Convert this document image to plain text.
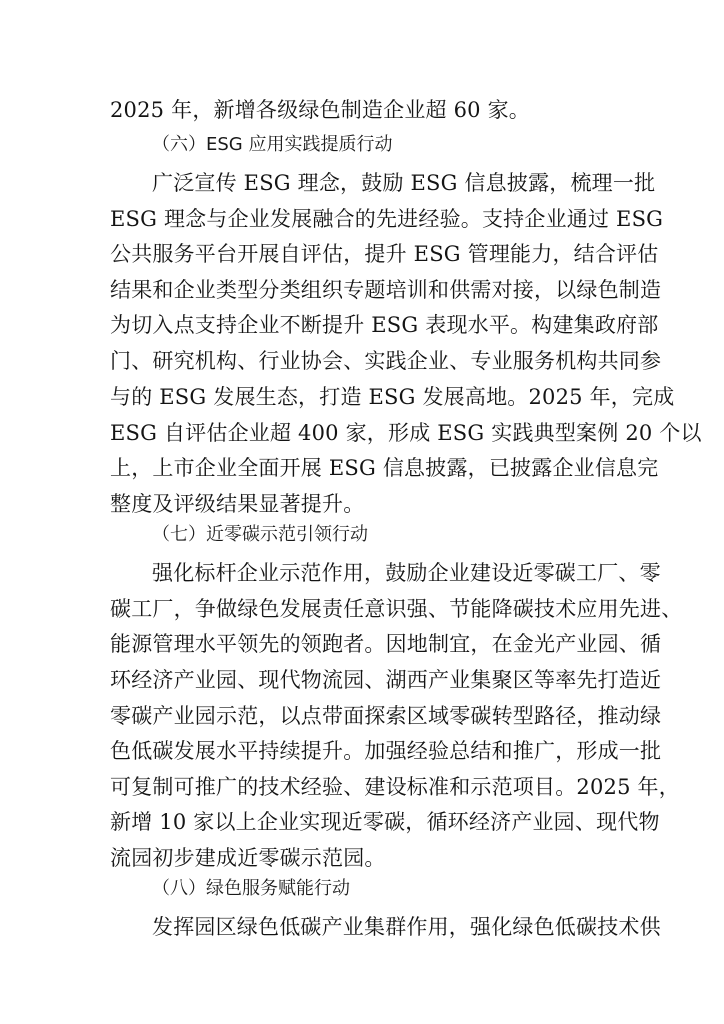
2025 年，新增各级绿色制造企业超 60 家。
（六）ESG 应用实践提质行动
广泛宣传 ESG 理念，鼓励 ESG 信息披露，梳理一批
ESG 理念与企业发展融合的先进经验。支持企业通过 ESG
公共服务平台开展自评估，提升 ESG 管理能力，结合评估
结果和企业类型分类组织专题培训和供需对接，以绿色制造
为切入点支持企业不断提升 ESG 表现水平。构建集政府部
门、研究机构、行业协会、实践企业、专业服务机构共同参
与的 ESG 发展生态，打造 ESG 发展高地。2025 年，完成
ESG 自评估企业超 400 家，形成 ESG 实践典型案例 20 个以
上，上市企业全面开展 ESG 信息披露，已披露企业信息完
整度及评级结果显著提升。
（七）近零碳示范引领行动
强化标杆企业示范作用，鼓励企业建设近零碳工厂、零
碳工厂，争做绿色发展责任意识强、节能降碳技术应用先进、
能源管理水平领先的领跑者。因地制宜，在金光产业园、循
环经济产业园、现代物流园、湖西产业集聚区等率先打造近
零碳产业园示范，以点带面探索区域零碳转型路径，推动绿
色低碳发展水平持续提升。加强经验总结和推广，形成一批
可复制可推广的技术经验、建设标准和示范项目。2025 年，
新增 10 家以上企业实现近零碳，循环经济产业园、现代物
流园初步建成近零碳示范园。
（八）绿色服务赋能行动
发挥园区绿色低碳产业集群作用，强化绿色低碳技术供
